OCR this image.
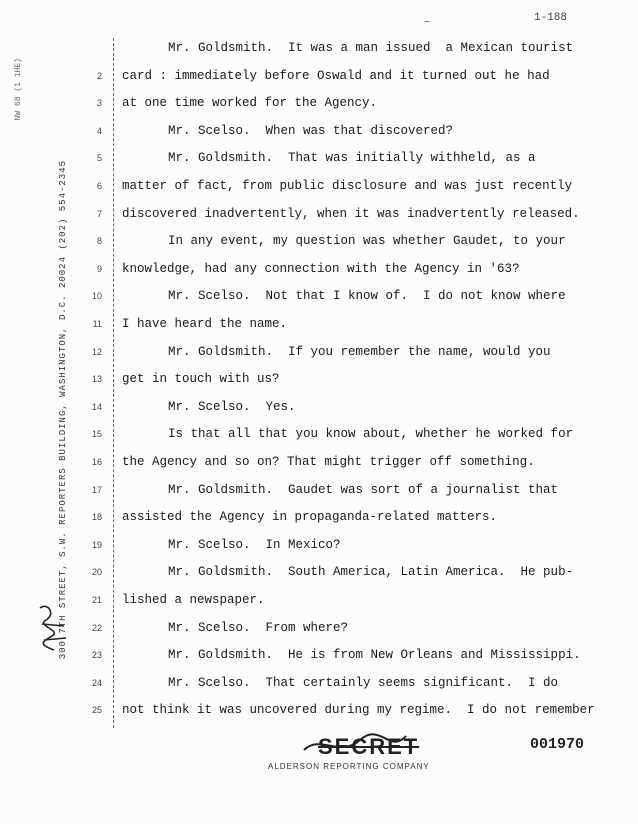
~	1-188
NW 68 (1 1HE)
300 7TH STREET, S.W. REPORTERS BUILDING, WASHINGTON, D.C. 20024 (202) 554-2345
Mr. Goldsmith.  It was a man issued  a Mexican tourist
2 card : immediately before Oswald and it turned out he had
3 at one time worked for the Agency.
4	Mr. Scelso.  When was that discovered?
5	Mr. Goldsmith.  That was initially withheld, as a
6 matter of fact, from public disclosure and was just recently
7 discovered inadvertently, when it was inadvertently released.
8	In any event, my question was whether Gaudet, to your
9 knowledge, had any connection with the Agency in '63?
10	Mr. Scelso.  Not that I know of.  I do not know where
11 I have heard the name.
12	Mr. Goldsmith.  If you remember the name, would you
13 get in touch with us?
14	Mr. Scelso.  Yes.
15	Is that all that you know about, whether he worked for
16 the Agency and so on? That might trigger off something.
17	Mr. Goldsmith.  Gaudet was sort of a journalist that
18 assisted the Agency in propaganda-related matters.
19	Mr. Scelso.  In Mexico?
20	Mr. Goldsmith.  South America, Latin America.  He pub-
21 lished a newspaper.
22	Mr. Scelso.  From where?
23	Mr. Goldsmith.  He is from New Orleans and Mississippi.
24	Mr. Scelso.  That certainly seems significant.  I do
25 not think it was uncovered during my regime.  I do not remember
SECRET	001970
ALDERSON REPORTING COMPANY
